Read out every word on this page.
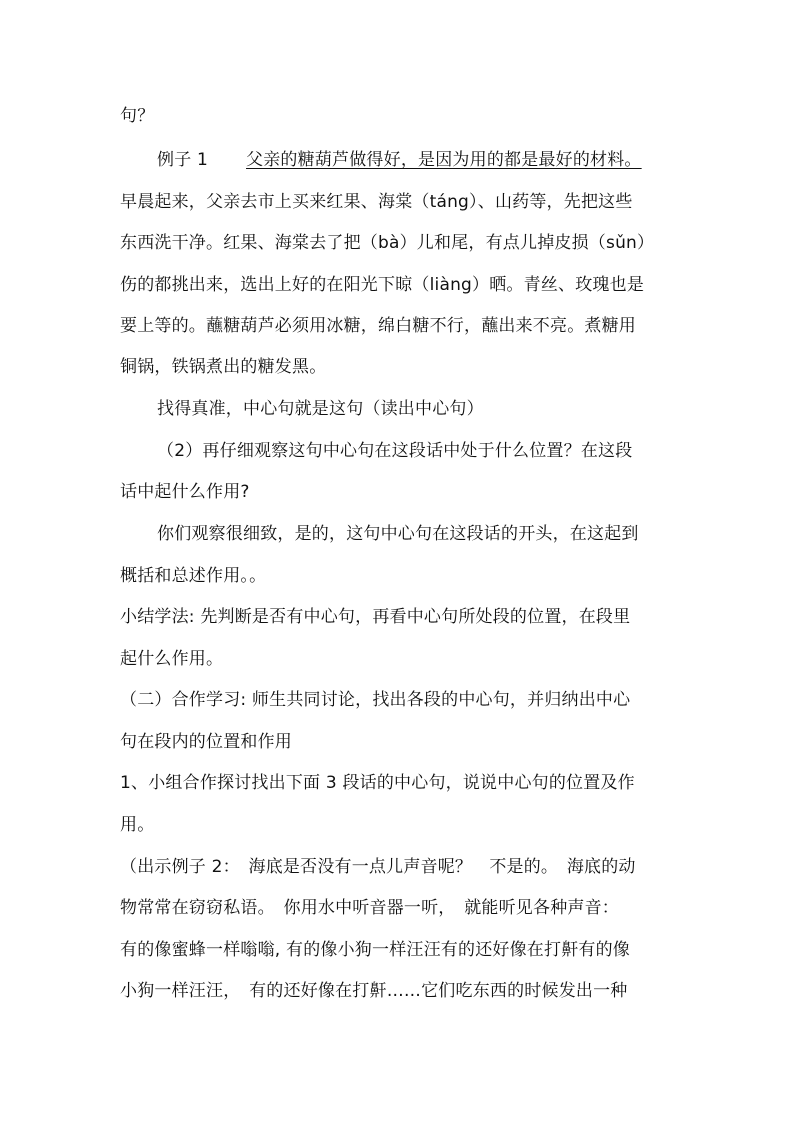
句？
例子 1 父亲的糖葫芦做得好，是因为用的都是最好的材料。
早晨起来，父亲去市上买来红果、海棠（táng）、山药等，先把这些
东西洗干净。红果、海棠去了把（bà）儿和尾，有点儿掉皮损（sǔn）
伤的都挑出来，选出上好的在阳光下晾（liàng）晒。青丝、玫瑰也是
要上等的。蘸糖葫芦必须用冰糖，绵白糖不行，蘸出来不亮。煮糖用
铜锅，铁锅煮出的糖发黑。
找得真准，中心句就是这句（读出中心句）
（2）再仔细观察这句中心句在这段话中处于什么位置？在这段
话中起什么作用?
你们观察很细致，是的，这句中心句在这段话的开头，在这起到
概括和总述作用。。
小结学法: 先判断是否有中心句，再看中心句所处段的位置，在段里
起什么作用。
（二）合作学习: 师生共同讨论，找出各段的中心句，并归纳出中心
句在段内的位置和作用
1、小组合作探讨找出下面 3 段话的中心句，说说中心句的位置及作
用。
（出示例子 2：　海底是否没有一点儿声音呢？　不是的。　海底的动
物常常在窃窃私语。　你用水中听音器一听，　就能听见各种声音：
有的像蜜蜂一样嗡嗡, 有的像小狗一样汪汪有的还好像在打鼾有的像
小狗一样汪汪，　有的还好像在打鼾……它们吃东西的时候发出一种
